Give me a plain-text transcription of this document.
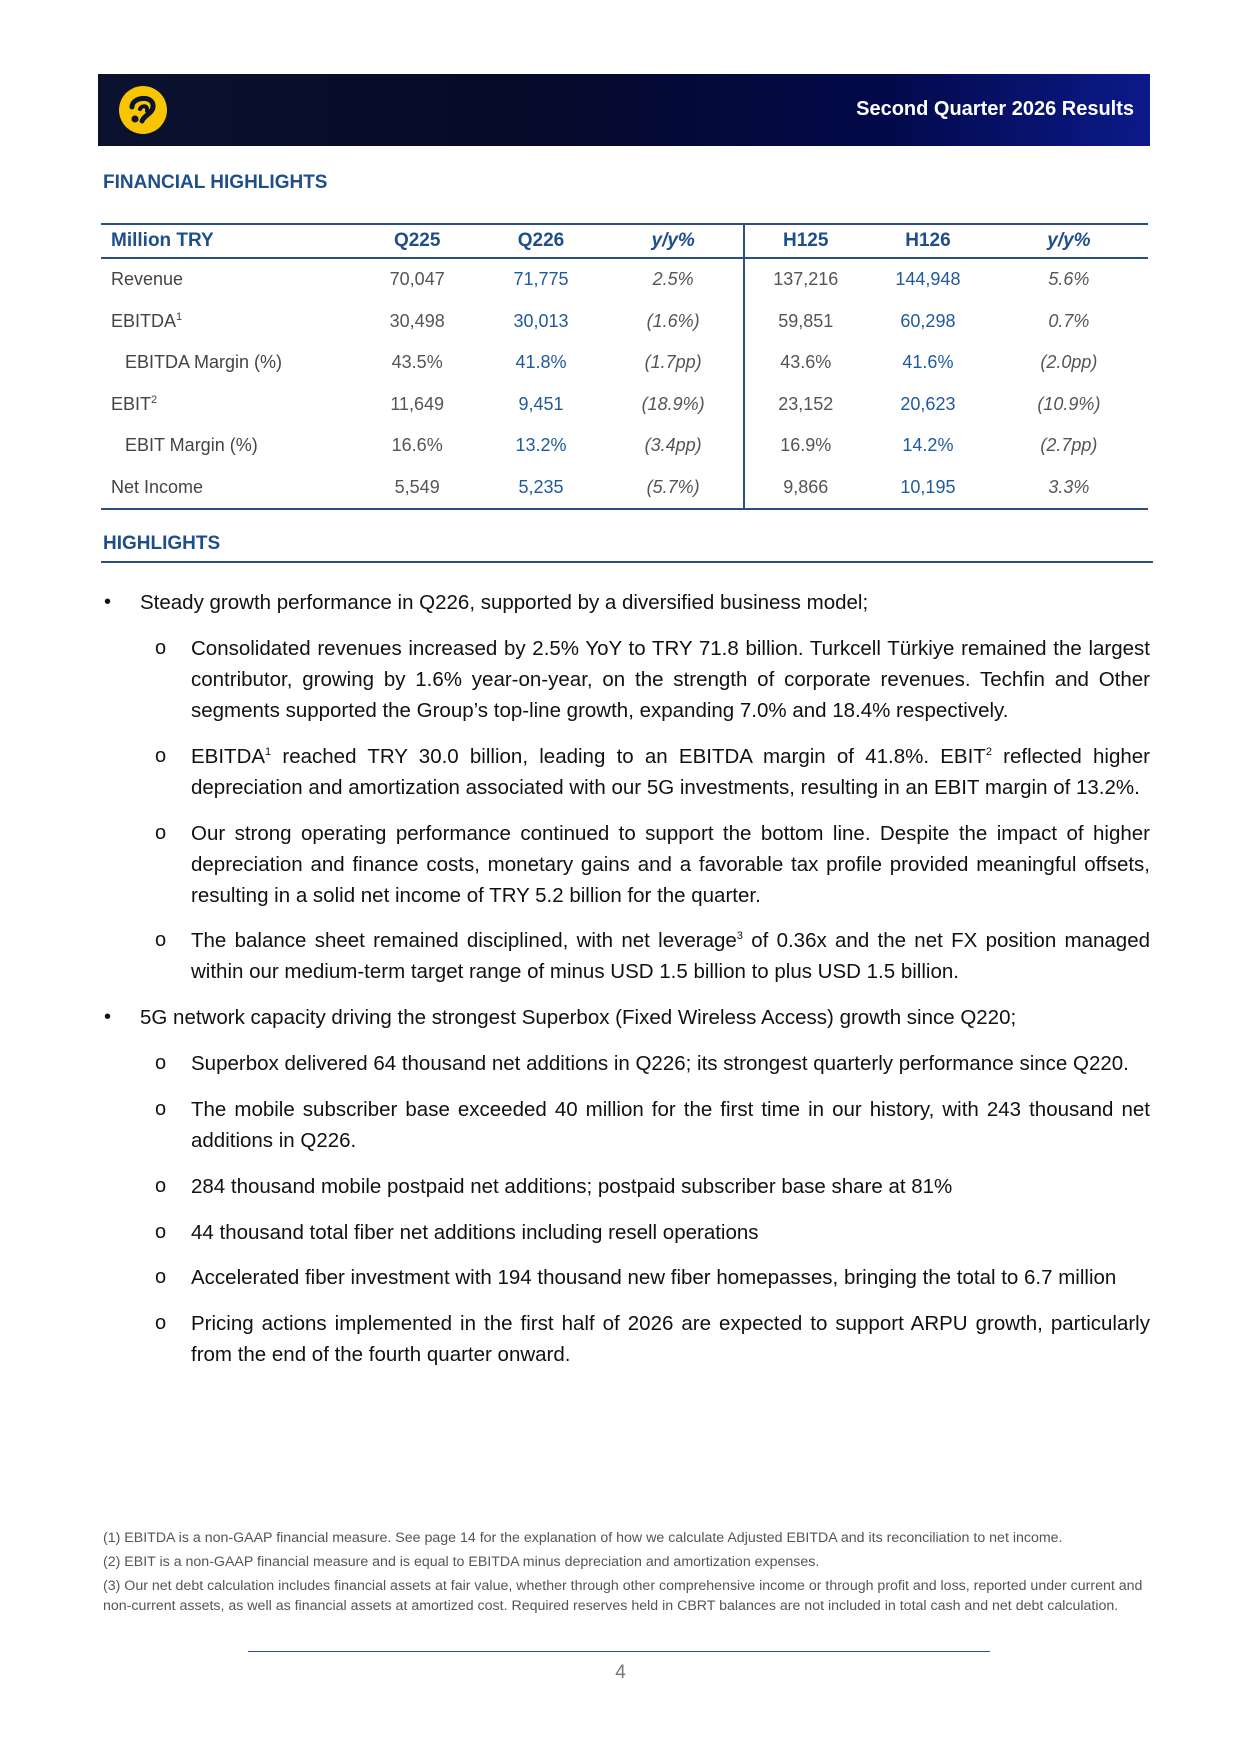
Second Quarter 2026 Results
FINANCIAL HIGHLIGHTS
Million TRY	Q225	Q226	y/y%	H125	H126	y/y%
Revenue	70,047	71,775	2.5%	137,216	144,948	5.6%
EBITDA$^1$	30,498	30,013	(1.6%)	59,851	60,298	0.7%
EBITDA Margin (%)	43.5%	41.8%	(1.7pp)	43.6%	41.6%	(2.0pp)
EBIT$^2$	11,649	9,451	(18.9%)	23,152	20,623	(10.9%)
EBIT Margin (%)	16.6%	13.2%	(3.4pp)	16.9%	14.2%	(2.7pp)
Net Income	5,549	5,235	(5.7%)	9,866	10,195	3.3%
HIGHLIGHTS
• Steady growth performance in Q226, supported by a diversified business model;
o Consolidated revenues increased by 2.5% YoY to TRY 71.8 billion. Turkcell Türkiye remained the largest contributor, growing by 1.6% year-on-year, on the strength of corporate revenues. Techfin and Other segments supported the Group’s top-line growth, expanding 7.0% and 18.4% respectively.
o EBITDA$^1$ reached TRY 30.0 billion, leading to an EBITDA margin of 41.8%. EBIT$^2$ reflected higher depreciation and amortization associated with our 5G investments, resulting in an EBIT margin of 13.2%.
o Our strong operating performance continued to support the bottom line. Despite the impact of higher depreciation and finance costs, monetary gains and a favorable tax profile provided meaningful offsets, resulting in a solid net income of TRY 5.2 billion for the quarter.
o The balance sheet remained disciplined, with net leverage$^3$ of 0.36x and the net FX position managed within our medium-term target range of minus USD 1.5 billion to plus USD 1.5 billion.
• 5G network capacity driving the strongest Superbox (Fixed Wireless Access) growth since Q220;
o Superbox delivered 64 thousand net additions in Q226; its strongest quarterly performance since Q220.
o The mobile subscriber base exceeded 40 million for the first time in our history, with 243 thousand net additions in Q226.
o 284 thousand mobile postpaid net additions; postpaid subscriber base share at 81%
o 44 thousand total fiber net additions including resell operations
o Accelerated fiber investment with 194 thousand new fiber homepasses, bringing the total to 6.7 million
o Pricing actions implemented in the first half of 2026 are expected to support ARPU growth, particularly from the end of the fourth quarter onward.
(1) EBITDA is a non-GAAP financial measure. See page 14 for the explanation of how we calculate Adjusted EBITDA and its reconciliation to net income.
(2) EBIT is a non-GAAP financial measure and is equal to EBITDA minus depreciation and amortization expenses.
(3) Our net debt calculation includes financial assets at fair value, whether through other comprehensive income or through profit and loss, reported under current and non-current assets, as well as financial assets at amortized cost. Required reserves held in CBRT balances are not included in total cash and net debt calculation.
4
